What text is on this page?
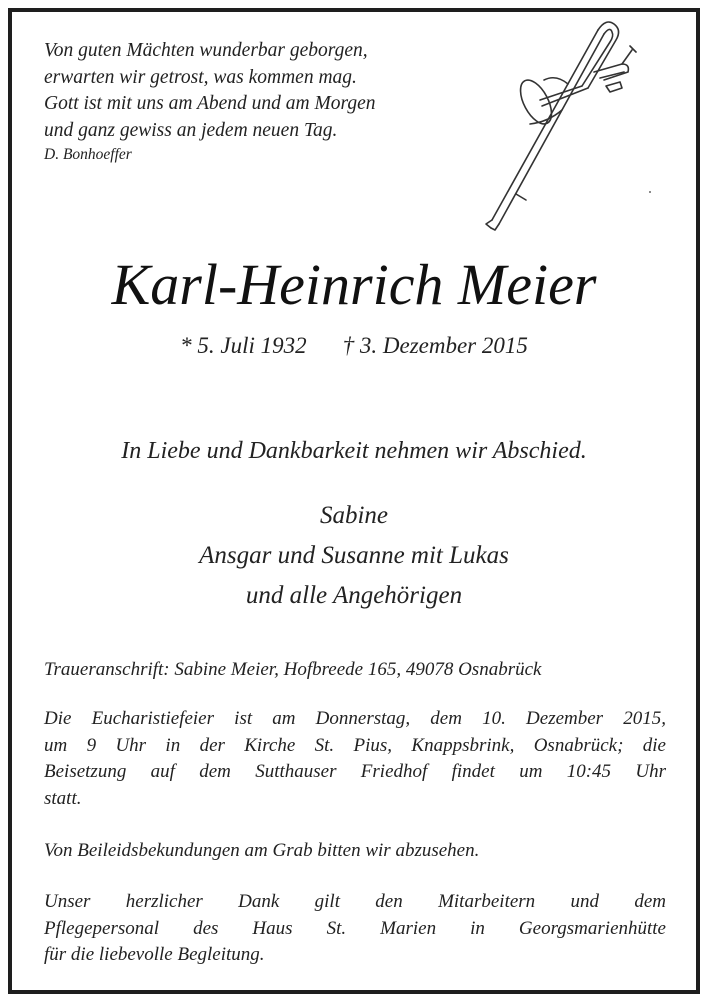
Von guten Mächten wunderbar geborgen,
erwarten wir getrost, was kommen mag.
Gott ist mit uns am Abend und am Morgen
und ganz gewiss an jedem neuen Tag.
D. Bonhoeffer
Karl-Heinrich Meier
* 5. Juli 1932 † 3. Dezember 2015
In Liebe und Dankbarkeit nehmen wir Abschied.
Sabine
Ansgar und Susanne mit Lukas
und alle Angehörigen
Traueranschrift: Sabine Meier, Hofbreede 165, 49078 Osnabrück
Die Eucharistiefeier ist am Donnerstag, dem 10. Dezember 2015,
um 9 Uhr in der Kirche St. Pius, Knappsbrink, Osnabrück; die
Beisetzung auf dem Sutthauser Friedhof findet um 10:45 Uhr
statt.
Von Beileidsbekundungen am Grab bitten wir abzusehen.
Unser herzlicher Dank gilt den Mitarbeitern und dem
Pflegepersonal des Haus St. Marien in Georgsmarienhütte
für die liebevolle Begleitung.
